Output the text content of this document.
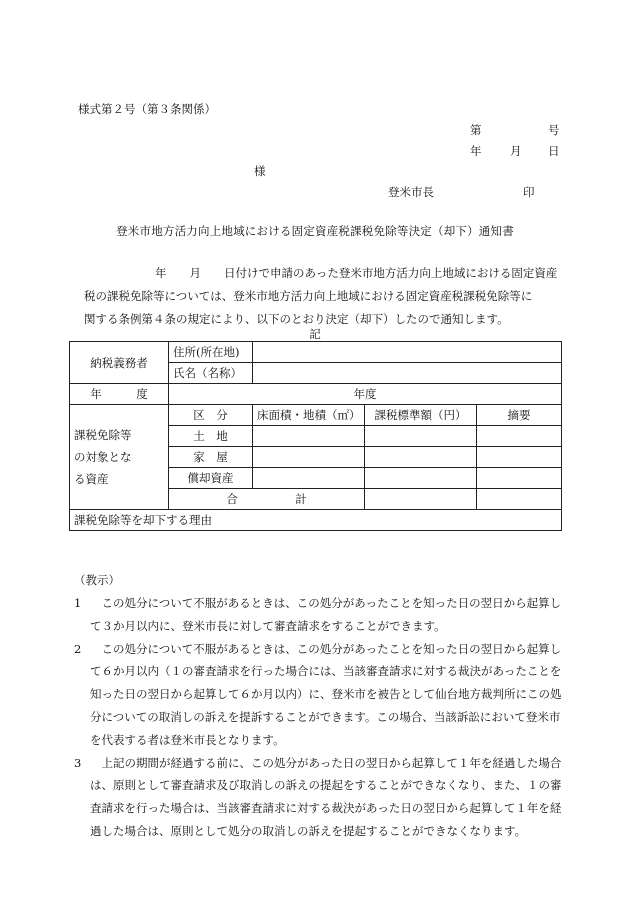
様式第２号（第３条関係）
第	号
年 月 日
様
登米市長	印
登米市地方活力向上地域における固定資産税課税免除等決定（却下）通知書

　　年　　月　　日付けで申請のあった登米市地方活力向上地域における固定資産

税の課税免除等については、登米市地方活力向上地域における固定資産税課税免除等に

関する条例第４条の規定により、以下のとおり決定（却下）したので通知します。

記
納税義務者	住所(所在地)			
	氏名（名称）			
年　　　度	年度			

課税免除等
の対象とな
る資産	区　分	床面積・地積（㎡）	課税標準額（円）	摘要
	土　地			
	家　屋			
	償却資産			
	合　　　　　計			
課税免除等を却下する理由				
（教示）

1 　この処分について不服があるときは、この処分があったことを知った日の翌日から起算して３か月以内に、登米市長に対して審査請求をすることができます。

2 　この処分について不服があるときは、この処分があったことを知った日の翌日から起算して６か月以内（１の審査請求を行った場合には、当該審査請求に対する裁決があったことを知った日の翌日から起算して６か月以内）に、登米市を被告として仙台地方裁判所にこの処分についての取消しの訴えを提訴することができます。この場合、当該訴訟において登米市を代表する者は登米市長となります。

3 　上記の期間が経過する前に、この処分があった日の翌日から起算して１年を経過した場合は、原則として審査請求及び取消しの訴えの提起をすることができなくなり、また、１の審査請求を行った場合は、当該審査請求に対する裁決があった日の翌日から起算して１年を経過した場合は、原則として処分の取消しの訴えを提起することができなくなります。
